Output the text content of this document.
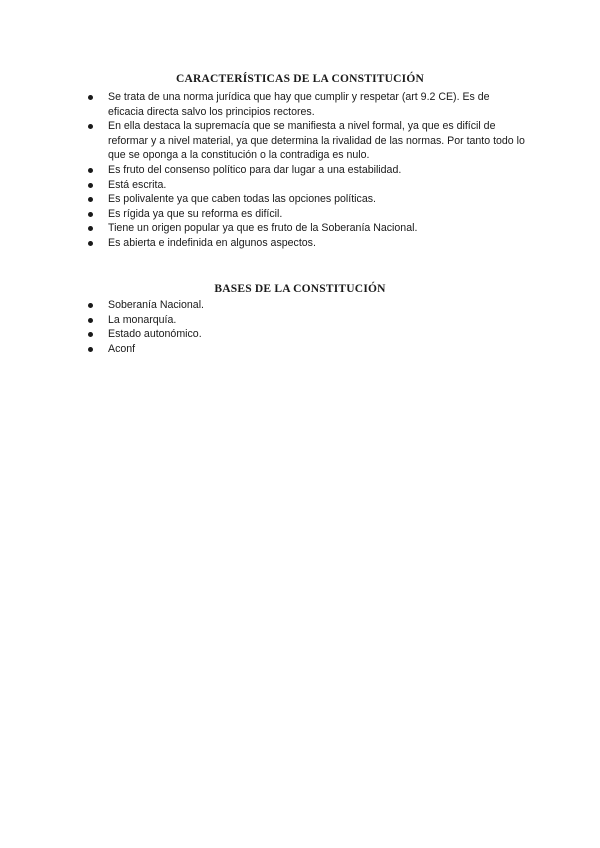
CARACTERÍSTICAS DE LA CONSTITUCIÓN
Se trata de una norma jurídica que hay que cumplir y respetar (art 9.2 CE). Es de eficacia directa salvo los principios rectores.
En ella destaca la supremacía que se manifiesta a nivel formal, ya que es difícil de reformar y a nivel material, ya que determina la rivalidad de las normas. Por tanto todo lo que se oponga a la constitución o la contradiga es nulo.
Es fruto del consenso político para dar lugar a una estabilidad.
Está escrita.
Es polivalente ya que caben todas las opciones políticas.
Es rígida ya que su reforma es difícil.
Tiene un origen popular ya que es fruto de la Soberanía Nacional.
Es abierta e indefinida en algunos aspectos.
BASES DE LA CONSTITUCIÓN
Soberanía Nacional.
La monarquía.
Estado autonómico.
Aconf
